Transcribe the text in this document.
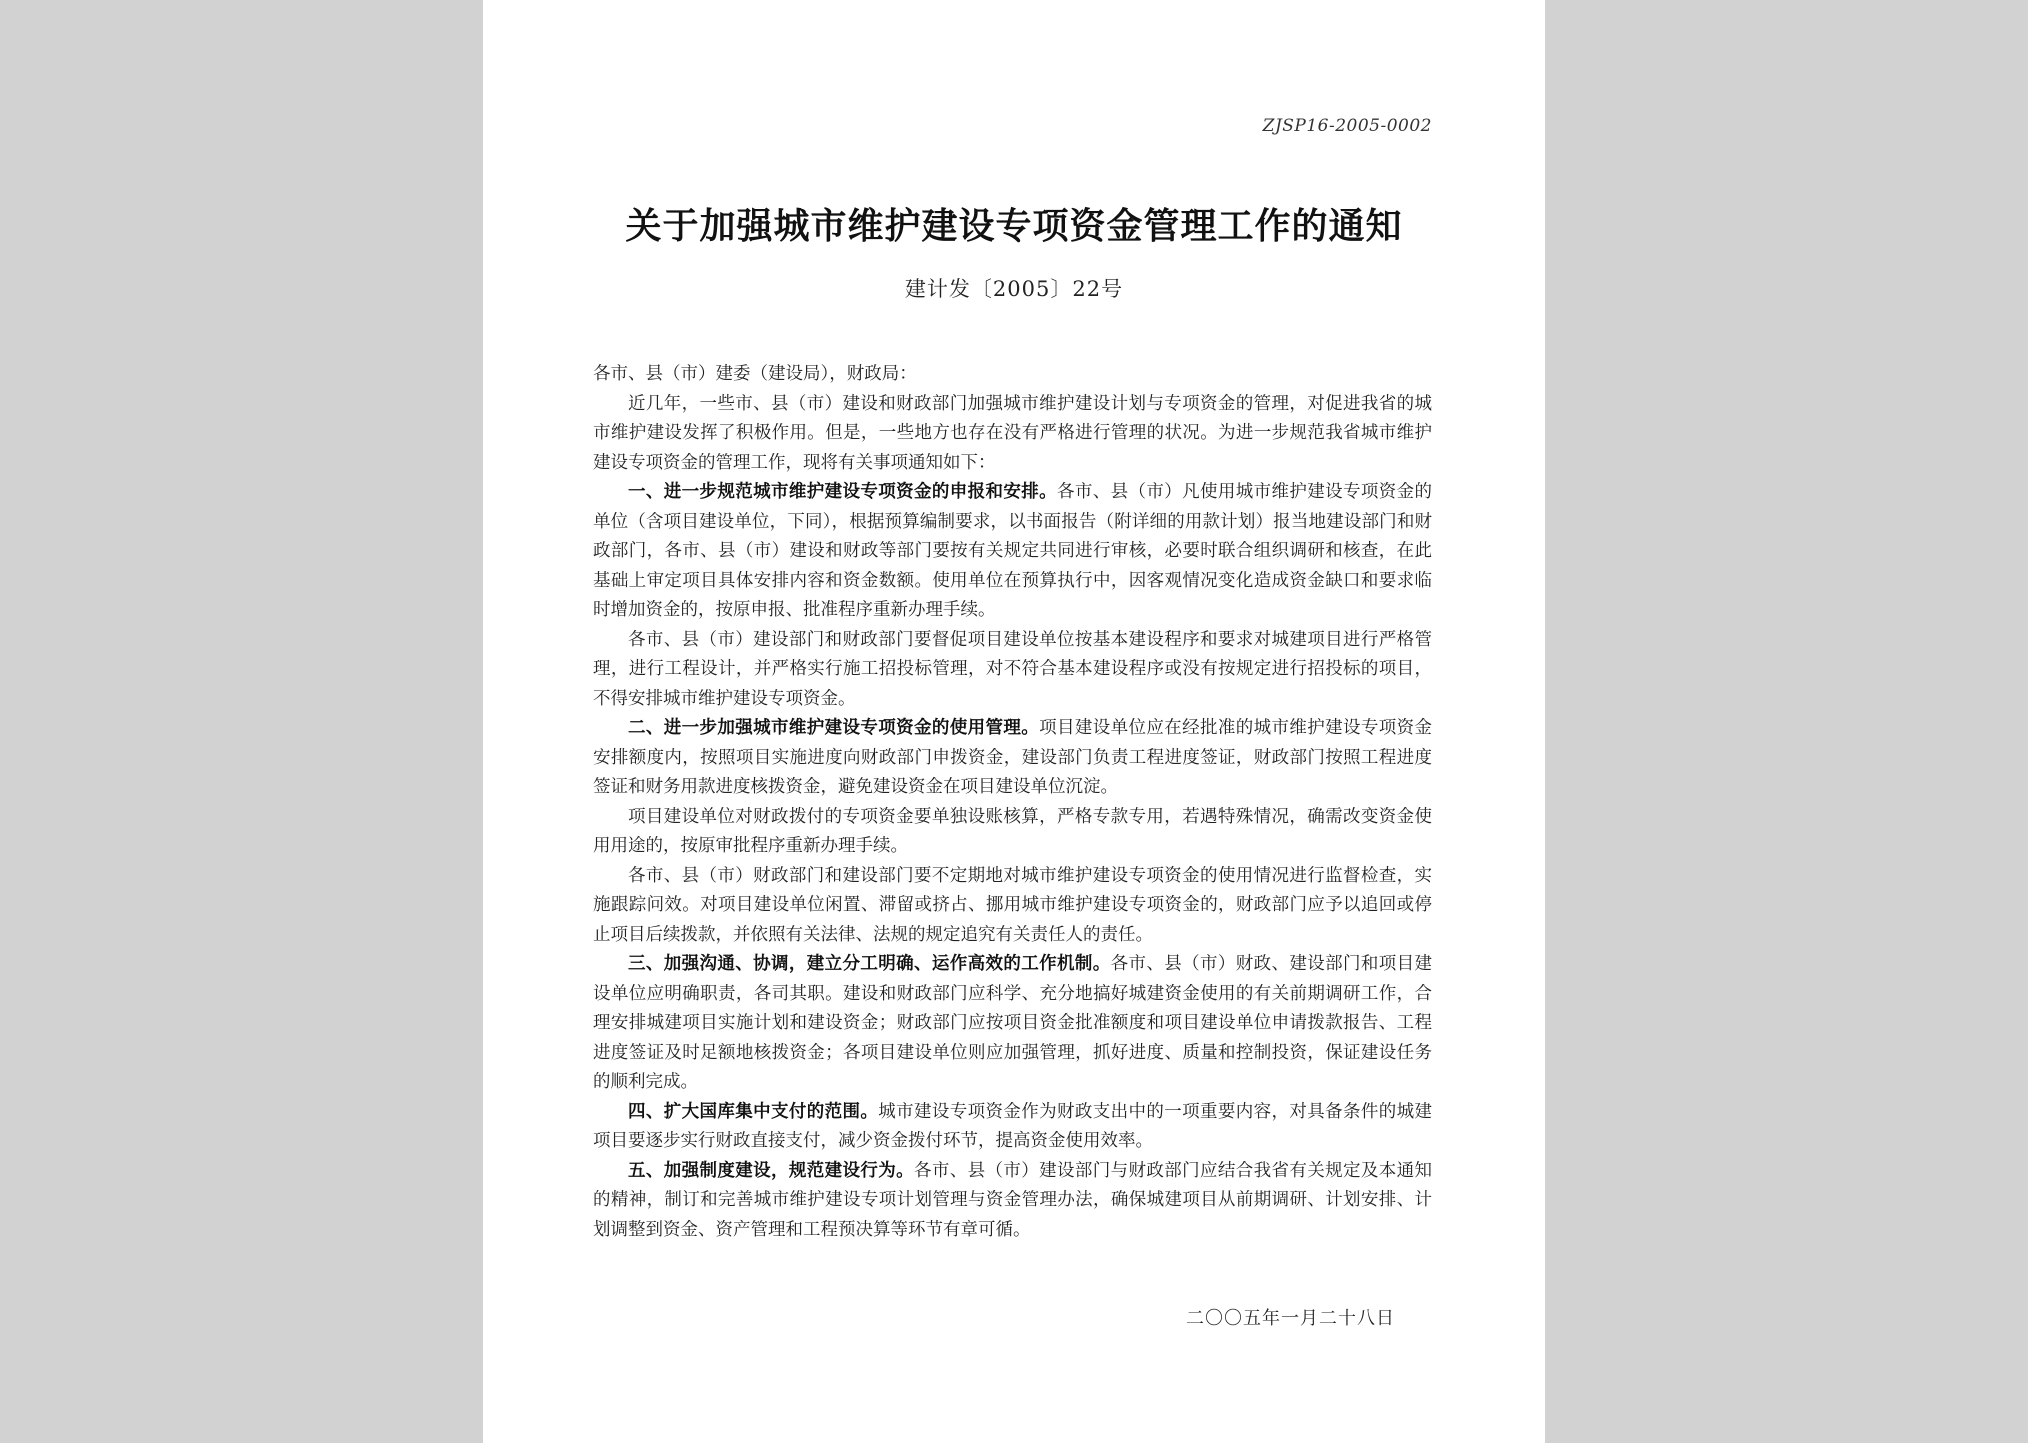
ZJSP16-2005-0002
关于加强城市维护建设专项资金管理工作的通知
建计发〔2005〕22号

各市、县（市）建委（建设局），财政局：

近几年，一些市、县（市）建设和财政部门加强城市维护建设计划与专项资金的管理，对促进我省的城市维护建设发挥了积极作用。但是，一些地方也存在没有严格进行管理的状况。为进一步规范我省城市维护建设专项资金的管理工作，现将有关事项通知如下：

一、进一步规范城市维护建设专项资金的申报和安排。各市、县（市）凡使用城市维护建设专项资金的单位（含项目建设单位，下同），根据预算编制要求，以书面报告（附详细的用款计划）报当地建设部门和财政部门，各市、县（市）建设和财政等部门要按有关规定共同进行审核，必要时联合组织调研和核查，在此基础上审定项目具体安排内容和资金数额。使用单位在预算执行中，因客观情况变化造成资金缺口和要求临时增加资金的，按原申报、批准程序重新办理手续。

各市、县（市）建设部门和财政部门要督促项目建设单位按基本建设程序和要求对城建项目进行严格管理，进行工程设计，并严格实行施工招投标管理，对不符合基本建设程序或没有按规定进行招投标的项目，不得安排城市维护建设专项资金。

二、进一步加强城市维护建设专项资金的使用管理。项目建设单位应在经批准的城市维护建设专项资金安排额度内，按照项目实施进度向财政部门申拨资金，建设部门负责工程进度签证，财政部门按照工程进度签证和财务用款进度核拨资金，避免建设资金在项目建设单位沉淀。

项目建设单位对财政拨付的专项资金要单独设账核算，严格专款专用，若遇特殊情况，确需改变资金使用用途的，按原审批程序重新办理手续。

各市、县（市）财政部门和建设部门要不定期地对城市维护建设专项资金的使用情况进行监督检查，实施跟踪问效。对项目建设单位闲置、滞留或挤占、挪用城市维护建设专项资金的，财政部门应予以追回或停止项目后续拨款，并依照有关法律、法规的规定追究有关责任人的责任。

三、加强沟通、协调，建立分工明确、运作高效的工作机制。各市、县（市）财政、建设部门和项目建设单位应明确职责，各司其职。建设和财政部门应科学、充分地搞好城建资金使用的有关前期调研工作，合理安排城建项目实施计划和建设资金；财政部门应按项目资金批准额度和项目建设单位申请拨款报告、工程进度签证及时足额地核拨资金；各项目建设单位则应加强管理，抓好进度、质量和控制投资，保证建设任务的顺利完成。

四、扩大国库集中支付的范围。城市建设专项资金作为财政支出中的一项重要内容，对具备条件的城建项目要逐步实行财政直接支付，减少资金拨付环节，提高资金使用效率。

五、加强制度建设，规范建设行为。各市、县（市）建设部门与财政部门应结合我省有关规定及本通知的精神，制订和完善城市维护建设专项计划管理与资金管理办法，确保城建项目从前期调研、计划安排、计划调整到资金、资产管理和工程预决算等环节有章可循。

二〇〇五年一月二十八日
